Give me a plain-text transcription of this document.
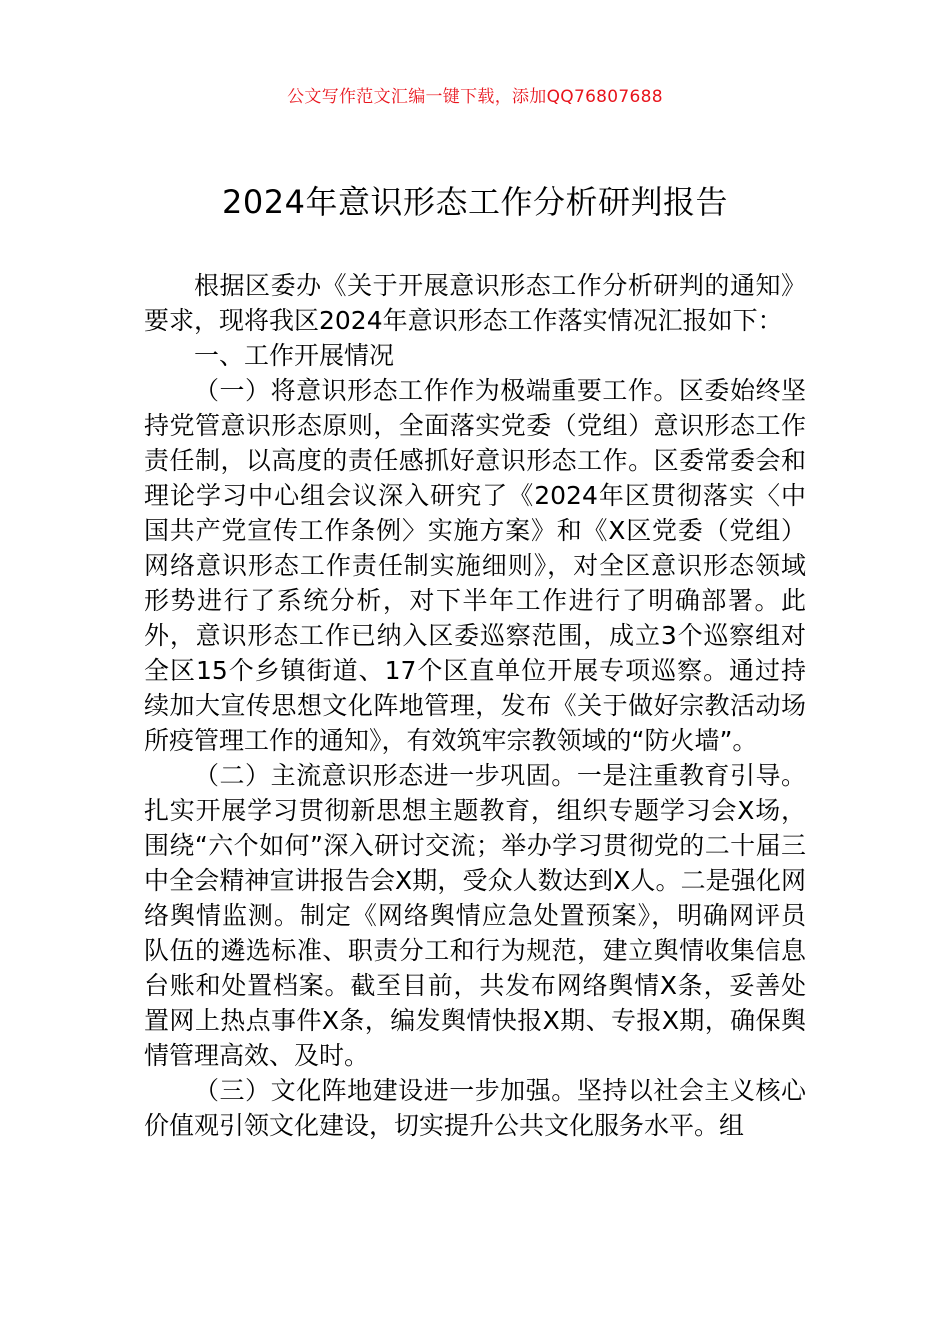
公文写作范文汇编一键下载，添加QQ76807688
2024年意识形态工作分析研判报告

根据区委办《关于开展意识形态工作分析研判的通知》要求，现将我区2024年意识形态工作落实情况汇报如下：

一、工作开展情况

（一）将意识形态工作作为极端重要工作。区委始终坚持党管意识形态原则，全面落实党委（党组）意识形态工作责任制，以高度的责任感抓好意识形态工作。区委常委会和理论学习中心组会议深入研究了《2024年区贯彻落实〈中国共产党宣传工作条例〉实施方案》和《X区党委（党组）网络意识形态工作责任制实施细则》，对全区意识形态领域形势进行了系统分析，对下半年工作进行了明确部署。此外，意识形态工作已纳入区委巡察范围，成立3个巡察组对全区15个乡镇街道、17个区直单位开展专项巡察。通过持续加大宣传思想文化阵地管理，发布《关于做好宗教活动场所疫管理工作的通知》，有效筑牢宗教领域的“防火墙”。

（二）主流意识形态进一步巩固。一是注重教育引导。扎实开展学习贯彻新思想主题教育，组织专题学习会X场，围绕“六个如何”深入研讨交流；举办学习贯彻党的二十届三中全会精神宣讲报告会X期，受众人数达到X人。二是强化网络舆情监测。制定《网络舆情应急处置预案》，明确网评员队伍的遴选标准、职责分工和行为规范，建立舆情收集信息台账和处置档案。截至目前，共发布网络舆情X条，妥善处置网上热点事件X条，编发舆情快报X期、专报X期，确保舆情管理高效、及时。

（三）文化阵地建设进一步加强。坚持以社会主义核心价值观引领文化建设，切实提升公共文化服务水平。组
